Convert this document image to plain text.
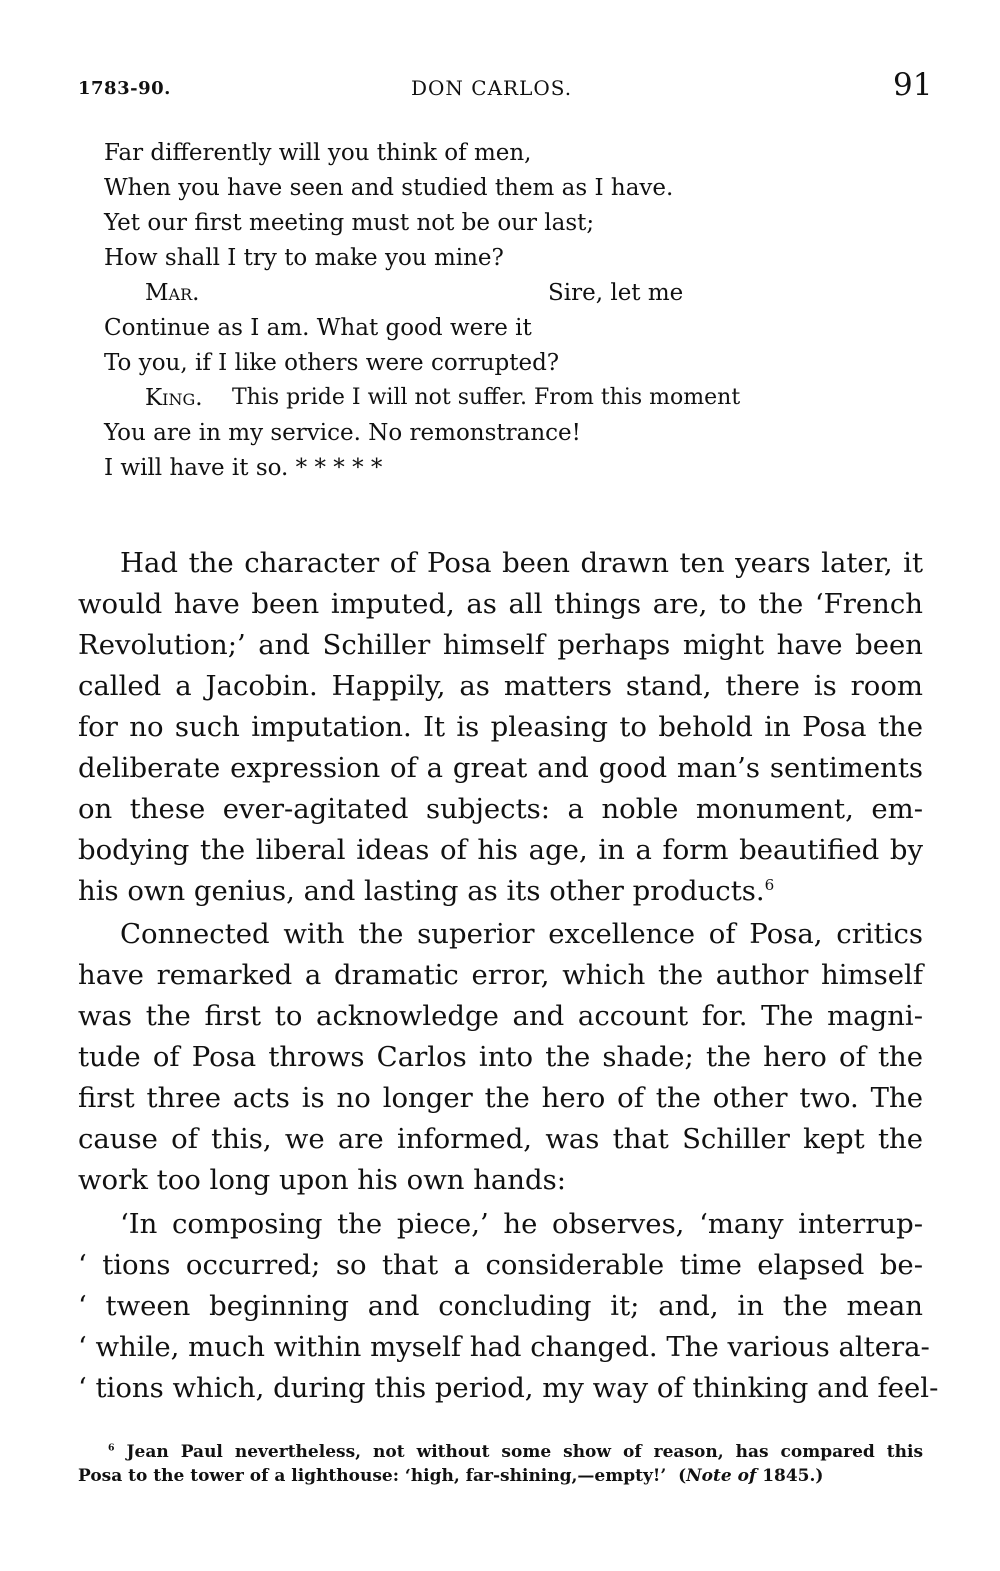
1783-90.	DON CARLOS.	91
Far differently will you think of men,
When you have seen and studied them as I have.
Yet our first meeting must not be our last;
How shall I try to make you mine?
Mar.	Sire, let me
Continue as I am. What good were it
To you, if I like others were corrupted?
King. This pride I will not suffer. From this moment
You are in my service. No remonstrance!
I will have it so. * * * * *
Had the character of Posa been drawn ten years later, it
would have been imputed, as all things are, to the ‘French
Revolution;’ and Schiller himself perhaps might have been
called a Jacobin. Happily, as matters stand, there is room
for no such imputation. It is pleasing to behold in Posa the
deliberate expression of a great and good man’s sentiments
on these ever-agitated subjects: a noble monument, em-
bodying the liberal ideas of his age, in a form beautified by
his own genius, and lasting as its other products.$^6$
Connected with the superior excellence of Posa, critics
have remarked a dramatic error, which the author himself
was the first to acknowledge and account for. The magni-
tude of Posa throws Carlos into the shade; the hero of the
first three acts is no longer the hero of the other two. The
cause of this, we are informed, was that Schiller kept the
work too long upon his own hands:
‘In composing the piece,’ he observes, ‘many interrup-
‘ tions occurred; so that a considerable time elapsed be-
‘ tween beginning and concluding it; and, in the mean
‘ while, much within myself had changed. The various altera-
‘ tions which, during this period, my way of thinking and feel-
$^6$ Jean Paul nevertheless, not without some show of reason, has compared this
Posa to the tower of a lighthouse: ‘high, far-shining,—empty!’  (Note of 1845.)
